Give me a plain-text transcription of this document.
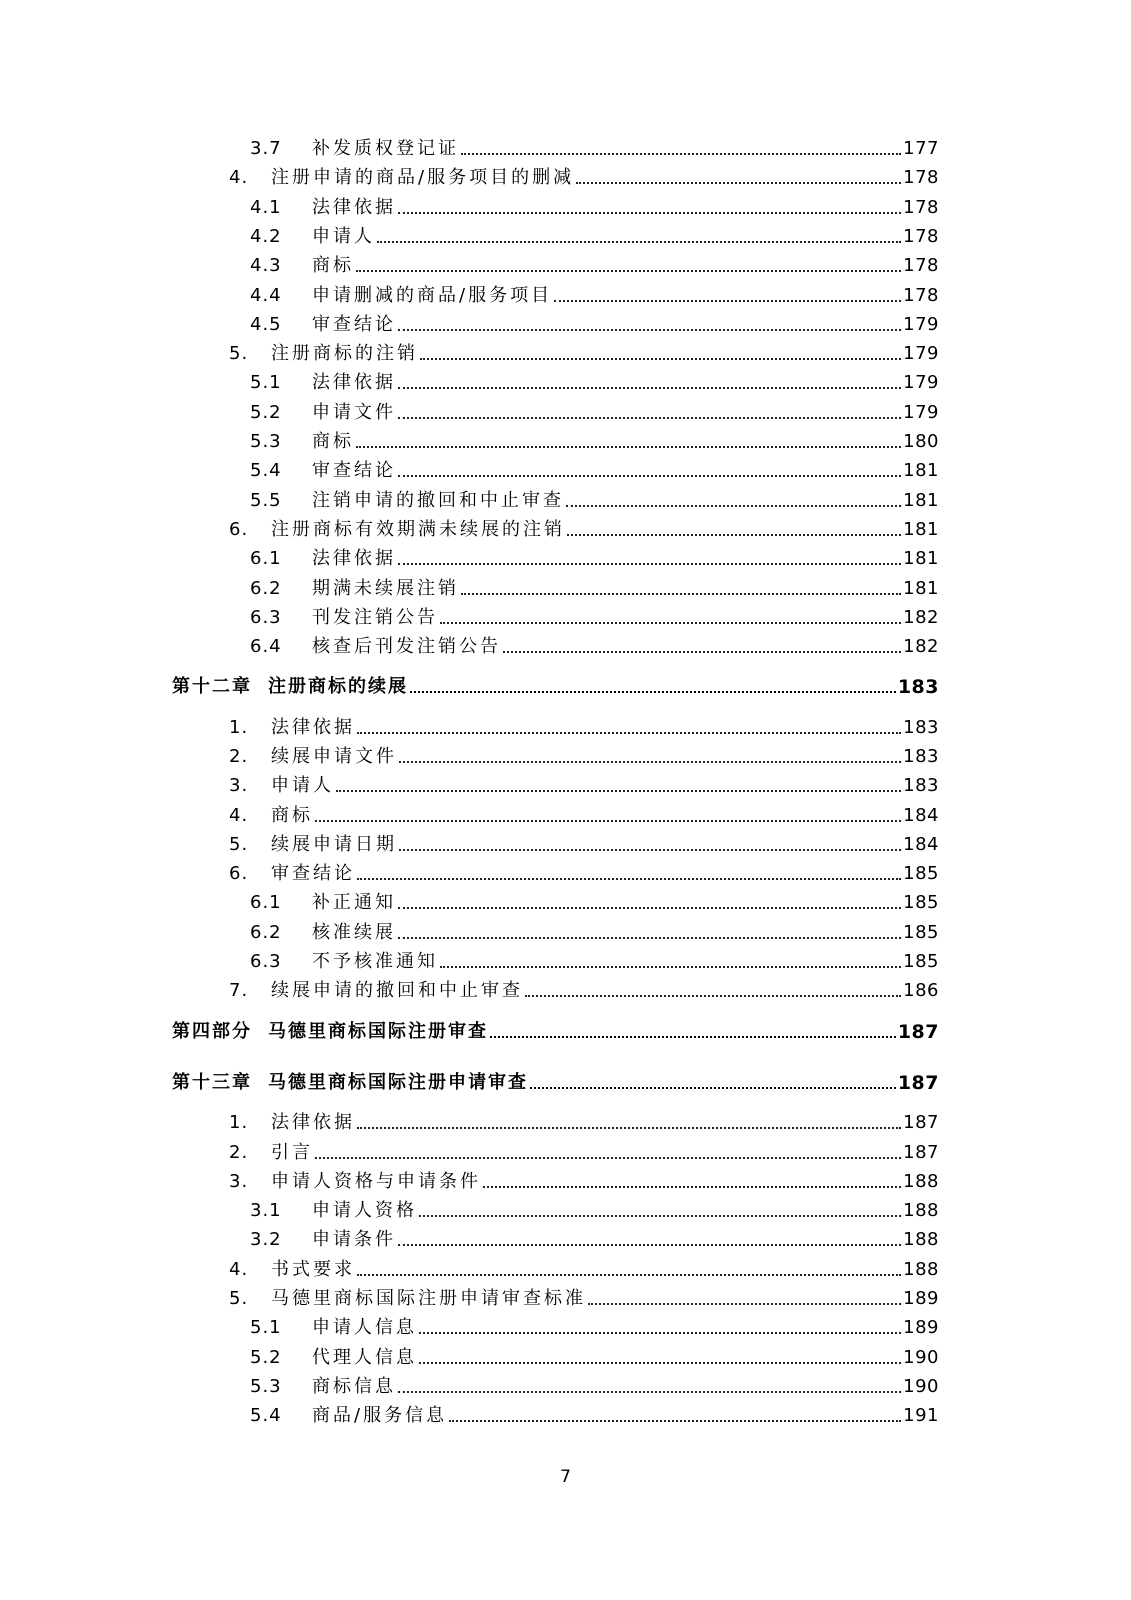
3.7 补发质权登记证	177
4. 注册申请的商品/服务项目的删减	178
4.1 法律依据	178
4.2 申请人	178
4.3 商标	178
4.4 申请删减的商品/服务项目	178
4.5 审查结论	179
5. 注册商标的注销	179
5.1 法律依据	179
5.2 申请文件	179
5.3 商标	180
5.4 审查结论	181
5.5 注销申请的撤回和中止审查	181
6. 注册商标有效期满未续展的注销	181
6.1 法律依据	181
6.2 期满未续展注销	181
6.3 刊发注销公告	182
6.4 核查后刊发注销公告	182
第十二章 注册商标的续展	183
1. 法律依据	183
2. 续展申请文件	183
3. 申请人	183
4. 商标	184
5. 续展申请日期	184
6. 审查结论	185
6.1 补正通知	185
6.2 核准续展	185
6.3 不予核准通知	185
7. 续展申请的撤回和中止审查	186
第四部分 马德里商标国际注册审查	187
第十三章 马德里商标国际注册申请审查	187
1. 法律依据	187
2. 引言	187
3. 申请人资格与申请条件	188
3.1 申请人资格	188
3.2 申请条件	188
4. 书式要求	188
5. 马德里商标国际注册申请审查标准	189
5.1 申请人信息	189
5.2 代理人信息	190
5.3 商标信息	190
5.4 商品/服务信息	191
7
